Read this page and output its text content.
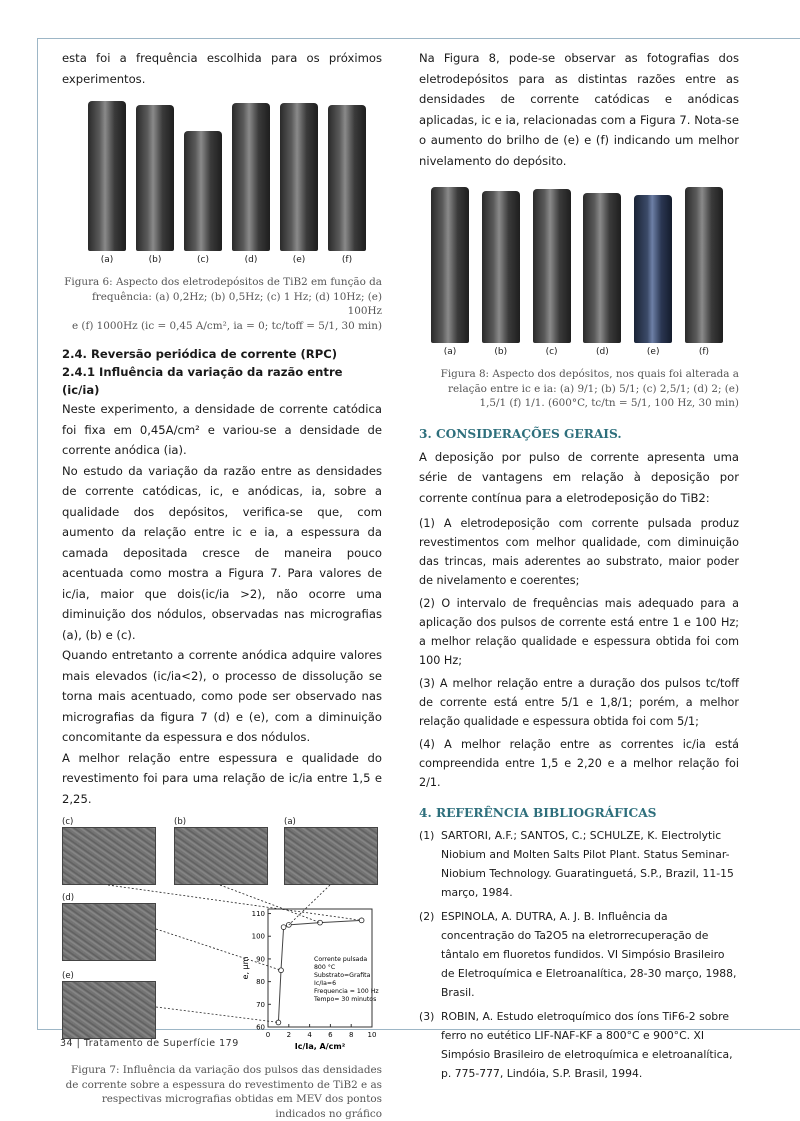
esta foi a frequência escolhida para os próximos experimentos.
(a)	(b)	(c)	(d)	(e)	(f)
Figura 6: Aspecto dos eletrodepósitos de TiB2 em função da
frequência: (a) 0,2Hz; (b) 0,5Hz; (c) 1 Hz; (d) 10Hz; (e) 100Hz
e (f) 1000Hz (ic = 0,45 A/cm², ia = 0; tc/toff = 5/1, 30 min)
2.4. Reversão periódica de corrente (RPC)
2.4.1 Influência da variação da razão entre (ic/ia)
Neste experimento, a densidade de corrente catódica foi fixa em 0,45A/cm² e variou-se a densidade de corrente anódica (ia).
No estudo da variação da razão entre as densidades de corrente catódicas, ic, e anódicas, ia, sobre a qualidade dos depósitos, verifica-se que, com aumento da relação entre ic e ia, a espessura da camada depositada cresce de maneira pouco acentuada como mostra a Figura 7. Para valores de ic/ia, maior que dois(ic/ia >2), não ocorre uma diminuição dos nódulos, observadas nas micrografias (a), (b) e (c).
Quando entretanto a corrente anódica adquire valores mais elevados (ic/ia<2), o processo de dissolução se torna mais acentuado, como pode ser observado nas micrografias da figura 7 (d) e (e), com a diminuição concomitante da espessura e dos nódulos.
A melhor relação entre espessura e qualidade do revestimento foi para uma relação de ic/ia entre 1,5 e 2,25.
(c)	(b)	(a)
(d)
(e)
0 2 4 6 8 10
60
70
80
90
100
110
Ic/Ia, A/cm²
e, µm	Corrente pulsada
800 °C
Substrato=Grafita
Ic/Ia=6
Frequencia = 100 Hz
Tempo= 30 minutos
Figura 7: Influência da variação dos pulsos das densidades de corrente sobre a espessura do revestimento de TiB2 e as respectivas micrografias obtidas em MEV dos pontos indicados no gráfico
Na Figura 8, pode-se observar as fotografias dos eletrodepósitos para as distintas razões entre as densidades de corrente catódicas e anódicas aplicadas, ic e ia, relacionadas com a Figura 7. Nota-se o aumento do brilho de (e) e (f) indicando um melhor nivelamento do depósito.
(a)	(b)	(c)	(d)	(e)	(f)
Figura 8: Aspecto dos depósitos, nos quais foi alterada a relação entre ic e ia: (a) 9/1; (b) 5/1; (c) 2,5/1; (d) 2; (e) 1,5/1 (f) 1/1. (600°C, tc/tn = 5/1, 100 Hz, 30 min)
3. CONSIDERAÇÕES GERAIS.
A deposição por pulso de corrente apresenta uma série de vantagens em relação à deposição por corrente contínua para a eletrodeposição do TiB2:
(1) A eletrodeposição com corrente pulsada produz revestimentos com melhor qualidade, com diminuição das trincas, mais aderentes ao substrato, maior poder de nivelamento e coerentes;
(2) O intervalo de frequências mais adequado para a aplicação dos pulsos de corrente está entre 1 e 100 Hz; a melhor relação qualidade e espessura obtida foi com 100 Hz;
(3) A melhor relação entre a duração dos pulsos tc/toff de corrente está entre 5/1 e 1,8/1; porém, a melhor relação qualidade e espessura obtida foi com 5/1;
(4) A melhor relação entre as correntes ic/ia está compreendida entre 1,5 e 2,20 e a melhor relação foi 2/1.
4. REFERÊNCIA BIBLIOGRÁFICAS
(1) SARTORI, A.F.; SANTOS, C.; SCHULZE, K. Electrolytic Niobium and Molten Salts Pilot Plant. Status Seminar-Niobium Technology. Guaratinguetá, S.P., Brazil, 11-15 março, 1984.
(2) ESPINOLA, A. DUTRA, A. J. B. Influência da concentração do Ta2O5 na eletrorrecuperação de tântalo em fluoretos fundidos. VI Simpósio Brasileiro de Eletroquímica e Eletroanalítica, 28-30 março, 1988, Brasil.
(3) ROBIN, A. Estudo eletroquímico dos íons TiF6-2 sobre ferro no eutético LIF-NAF-KF a 800°C e 900°C. XI Simpósio Brasileiro de eletroquímica e eletroanalítica, p. 775-777, Lindóia, S.P. Brasil, 1994.
34 | Tratamento de Superfície 179
